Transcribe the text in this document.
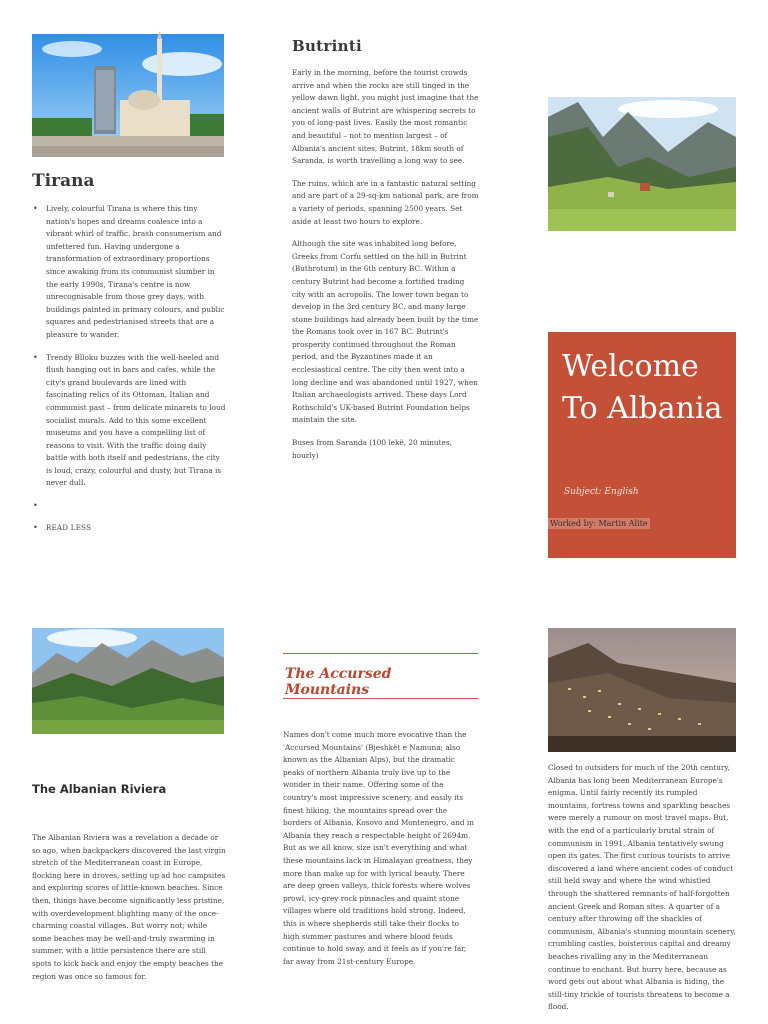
Tirana
• Lively, colourful Tirana is where this tiny nation's hopes and dreams coalesce into a vibrant whirl of traffic, brash consumerism and unfettered fun. Having undergone a transformation of extraordinary proportions since awaking from its communist slumber in the early 1990s, Tirana's centre is now unrecognisable from those grey days, with buildings painted in primary colours, and public squares and pedestrianised streets that are a pleasure to wander.
• Trendy Blloku buzzes with the well-heeled and flush hanging out in bars and cafes, while the city's grand boulevards are lined with fascinating relics of its Ottoman, Italian and communist past – from delicate minarets to loud socialist murals. Add to this some excellent museums and you have a compelling list of reasons to visit. With the traffic doing daily battle with both itself and pedestrians, the city is loud, crazy, colourful and dusty, but Tirana is never dull.
•
• READ LESS
Butrinti

Early in the morning, before the tourist crowds arrive and when the rocks are still tinged in the yellow dawn light, you might just imagine that the ancient walls of Butrint are whispering secrets to you of long-past lives. Easily the most romantic and beautiful – not to mention largest – of Albania's ancient sites, Butrint, 18km south of Saranda, is worth travelling a long way to see.

The ruins, which are in a fantastic natural setting and are part of a 29-sq-km national park, are from a variety of periods, spanning 2500 years. Set aside at least two hours to explore.

Although the site was inhabited long before, Greeks from Corfu settled on the hill in Butrint (Buthrotum) in the 6th century BC. Within a century Butrint had become a fortified trading city with an acropolis. The lower town began to develop in the 3rd century BC, and many large stone buildings had already been built by the time the Romans took over in 167 BC. Butrint's prosperity continued throughout the Roman period, and the Byzantines made it an ecclesiastical centre. The city then went into a long decline and was abandoned until 1927, when Italian archaeologists arrived. These days Lord Rothschild's UK-based Butrint Foundation helps maintain the site.

Buses from Saranda (100 lekë, 20 minutes, hourly)

Welcome To Albania
Subject: English
Worked by: Martin Alite
The Accursed Mountains
Names don't come much more evocative than the 'Accursed Mountains' (Bjeshkët e Namuna; also known as the Albanian Alps), but the dramatic peaks of northern Albania truly live up to the wonder in their name. Offering some of the country's most impressive scenery, and easily its finest hiking, the mountains spread over the borders of Albania, Kosovo and Montenegro, and in Albania they reach a respectable height of 2694m. But as we all know, size isn't everything and what these mountains lack in Himalayan greatness, they more than make up for with lyrical beauty. There are deep green valleys, thick forests where wolves prowl, icy-grey rock pinnacles and quaint stone villages where old traditions hold strong. Indeed, this is where shepherds still take their flocks to high summer pastures and where blood feuds continue to hold sway, and it feels as if you're far, far away from 21st-century Europe.
The Albanian Riviera
The Albanian Riviera was a revelation a decade or so ago, when backpackers discovered the last virgin stretch of the Mediterranean coast in Europe, flocking here in droves, setting up ad hoc campsites and exploring scores of little-known beaches. Since then, things have become significantly less pristine, with overdevelopment blighting many of the once-charming coastal villages. But worry not; while some beaches may be well-and-truly swarming in summer, with a little persistence there are still spots to kick back and enjoy the empty beaches the region was once so famous for.
Closed to outsiders for much of the 20th century, Albania has long been Mediterranean Europe's enigma. Until fairly recently its rumpled mountains, fortress towns and sparkling beaches were merely a rumour on most travel maps. But, with the end of a particularly brutal strain of communism in 1991, Albania tentatively swung open its gates. The first curious tourists to arrive discovered a land where ancient codes of conduct still held sway and where the wind whistled through the shattered remnants of half-forgotten ancient Greek and Roman sites. A quarter of a century after throwing off the shackles of communism, Albania's stunning mountain scenery, crumbling castles, boisterous capital and dreamy beaches rivalling any in the Mediterranean continue to enchant. But hurry here, because as word gets out about what Albania is hiding, the still-tiny trickle of tourists threatens to become a flood.
